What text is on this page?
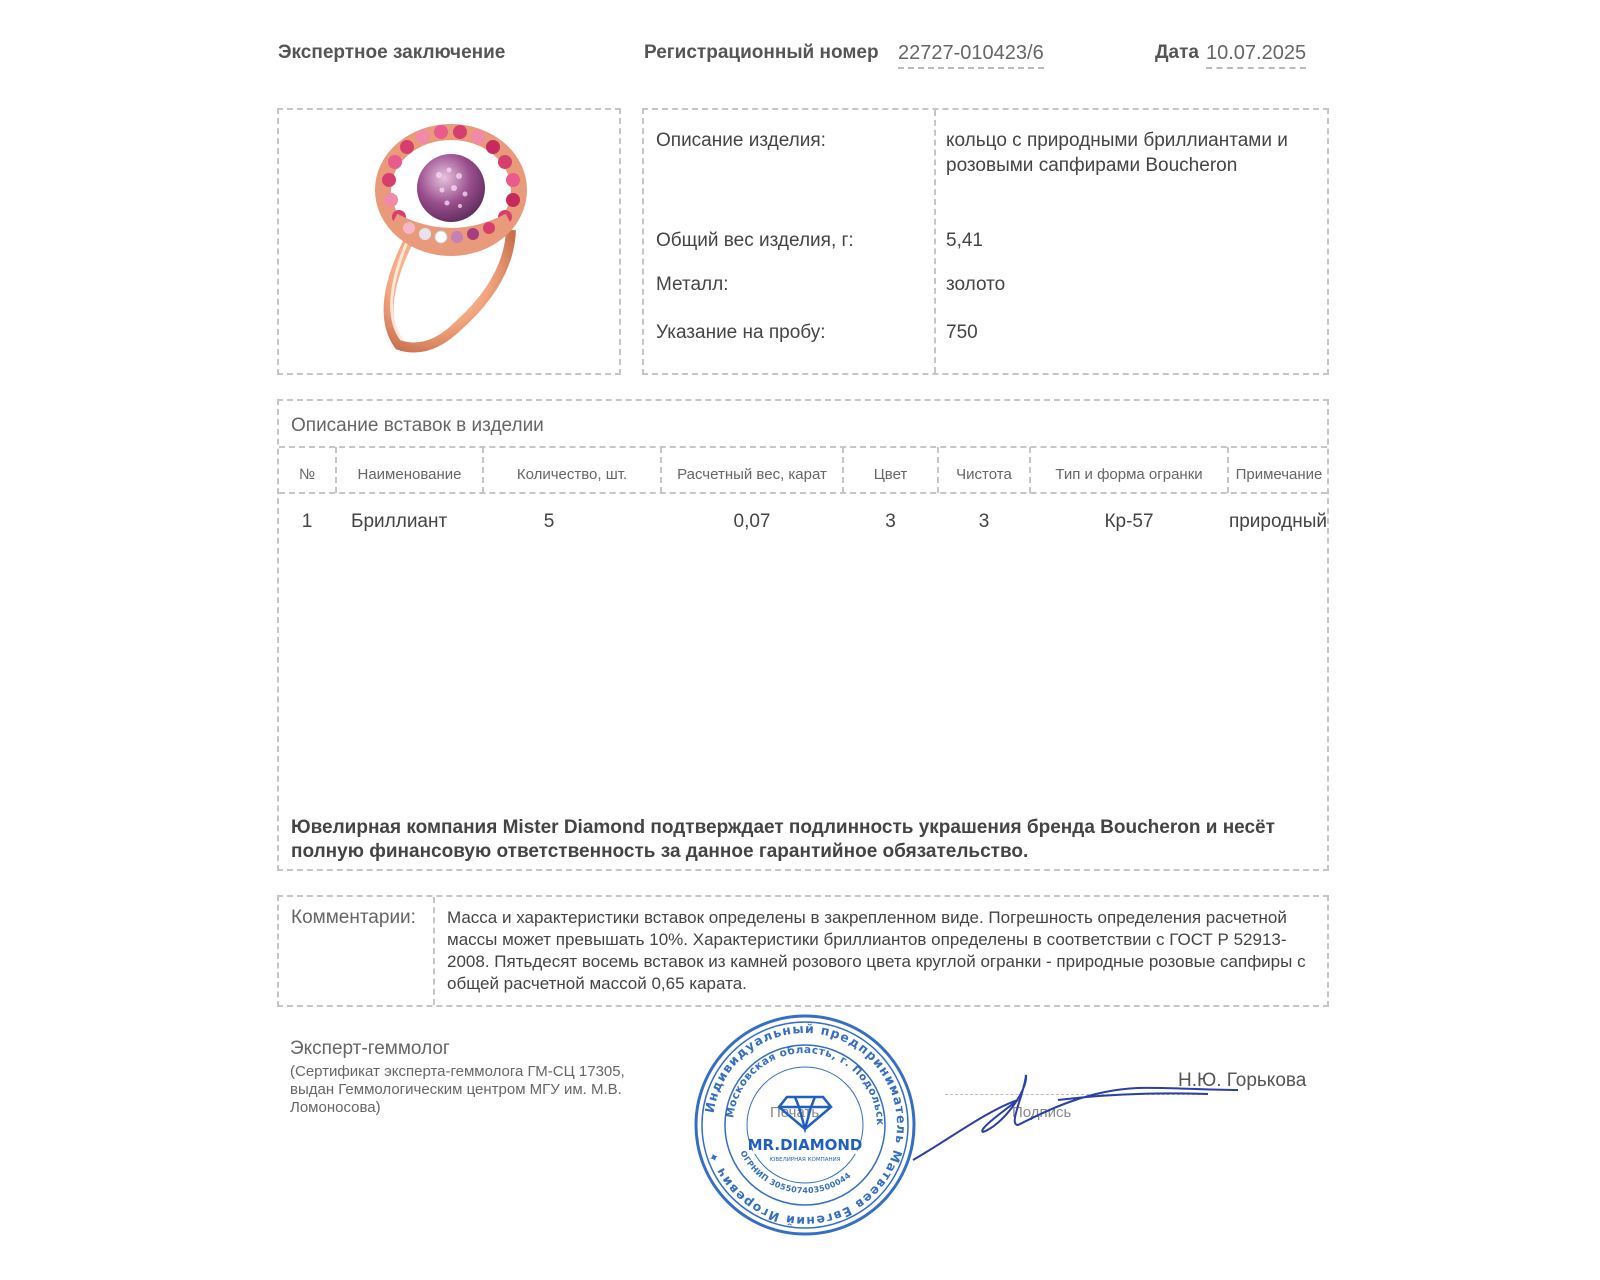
Экспертное заключение	Регистрационный номер 22727-010423/6	Дата 10.07.2025
Описание изделия:	кольцо с природными бриллиантами и розовыми сапфирами Boucheron
Общий вес изделия, г:	5,41
Металл:	золото
Указание на пробу:	750
Описание вставок в изделии
№	Наименование	Количество, шт.	Расчетный вес, карат	Цвет	Чистота	Тип и форма огранки	Примечание
1	Бриллиант	5	0,07	3	3	Кр-57	природный
Ювелирная компания Mister Diamond подтверждает подлинность украшения бренда Boucheron и несёт полную финансовую ответственность за данное гарантийное обязательство.
Комментарии: Масса и характеристики вставок определены в закрепленном виде. Погрешность определения расчетной массы может превышать 10%. Характеристики бриллиантов определены в соответствии с ГОСТ Р 52913-2008. Пятьдесят восемь вставок из камней розового цвета круглой огранки - природные розовые сапфиры с общей расчетной массой 0,65 карата.
Эксперт-геммолог
(Сертификат эксперта-геммолога ГМ-СЦ 17305, выдан Геммологическим центром МГУ им. М.В. Ломоносова)	Печать	Подпись
Н.Ю. Горькова
Индивидуальный предприниматель Матвеев Евгений Игоревич ✦
Московская область, г. Подольск
ОГРНИП 305507403500044
MR.DIAMOND
ЮВЕЛИРНАЯ КОМПАНИЯ
